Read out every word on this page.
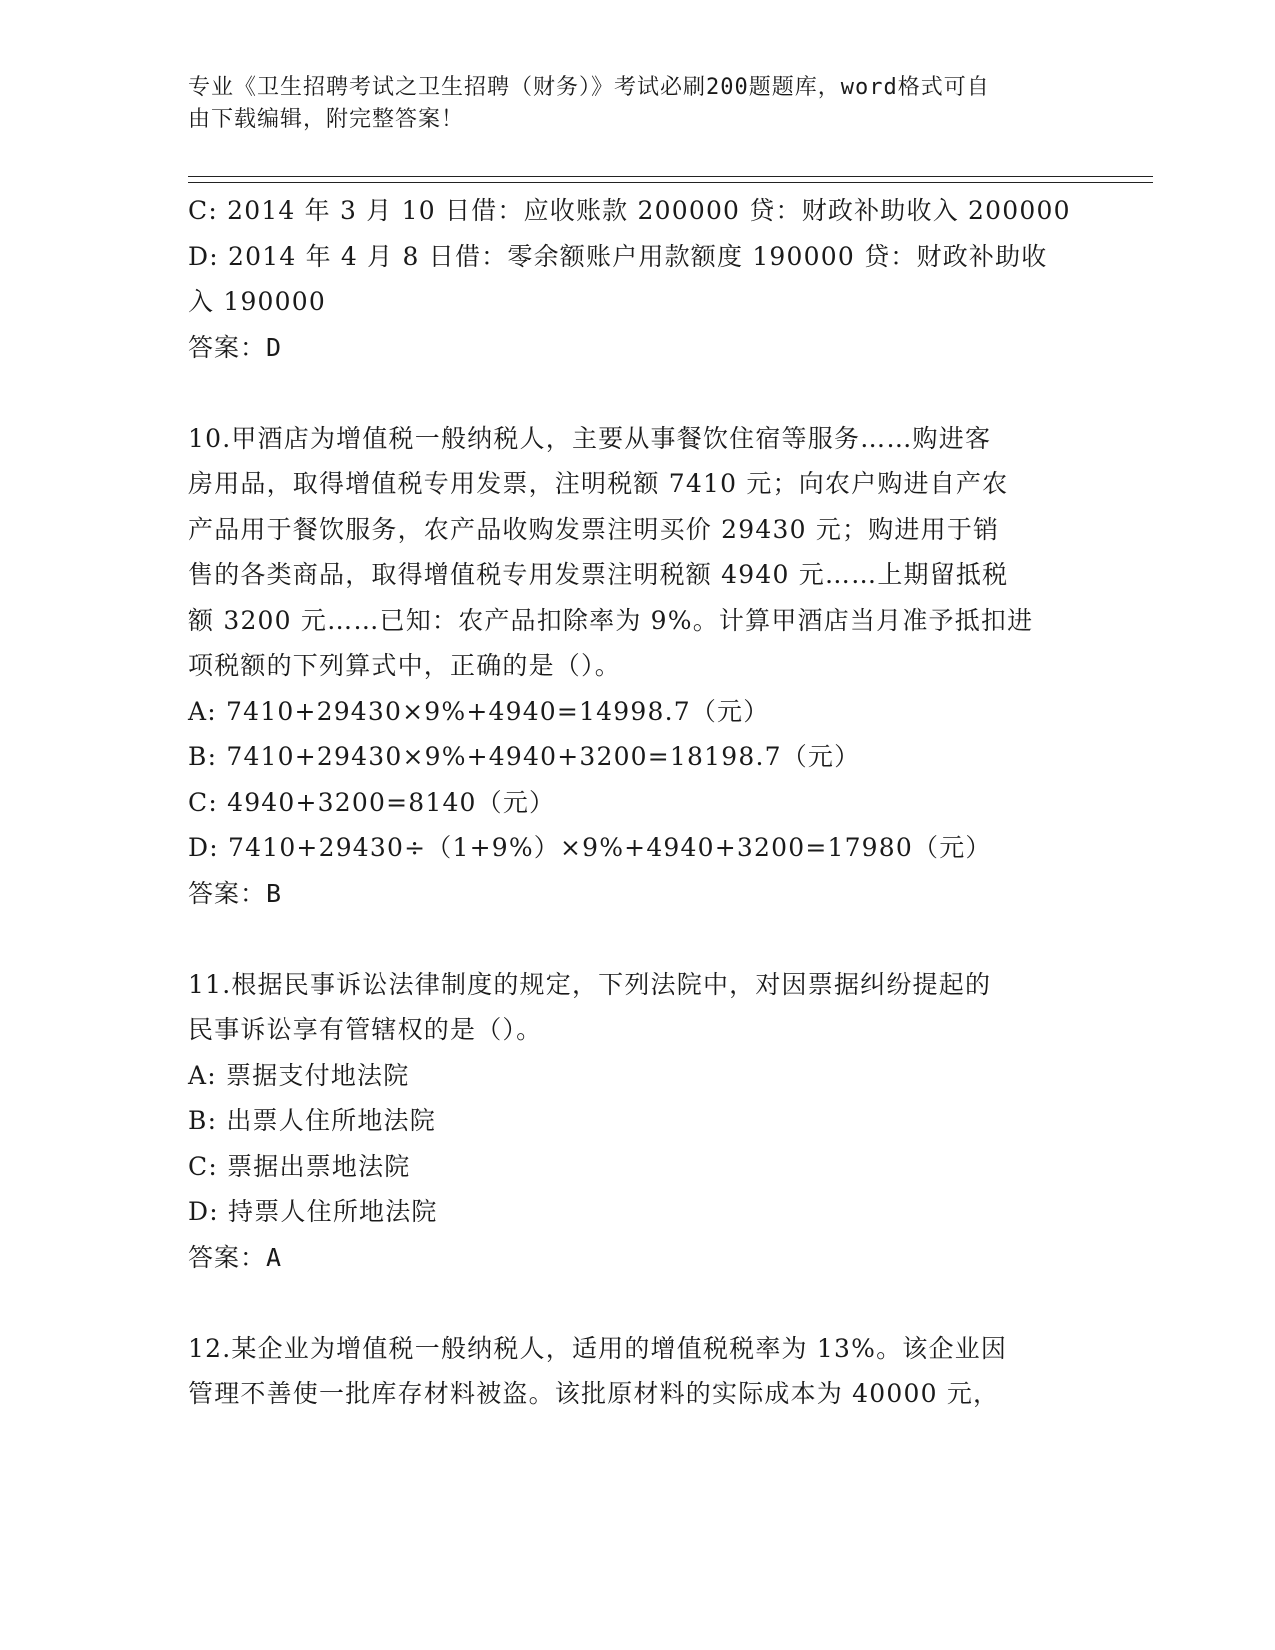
专业《卫生招聘考试之卫生招聘（财务）》考试必刷200题题库，word格式可自
由下载编辑，附完整答案！
C: 2014 年 3 月 10 日借：应收账款 200000 贷：财政补助收入 200000
D: 2014 年 4 月 8 日借：零余额账户用款额度 190000 贷：财政补助收
入 190000
答案：D
10.甲酒店为增值税一般纳税人，主要从事餐饮住宿等服务……购进客
房用品，取得增值税专用发票，注明税额 7410 元；向农户购进自产农
产品用于餐饮服务，农产品收购发票注明买价 29430 元；购进用于销
售的各类商品，取得增值税专用发票注明税额 4940 元……上期留抵税
额 3200 元……已知：农产品扣除率为 9%。计算甲酒店当月准予抵扣进
项税额的下列算式中，正确的是（）。
A: 7410+29430×9%+4940=14998.7（元）
B: 7410+29430×9%+4940+3200=18198.7（元）
C: 4940+3200=8140（元）
D: 7410+29430÷（1+9%）×9%+4940+3200=17980（元）
答案：B
11.根据民事诉讼法律制度的规定，下列法院中，对因票据纠纷提起的
民事诉讼享有管辖权的是（）。
A: 票据支付地法院
B: 出票人住所地法院
C: 票据出票地法院
D: 持票人住所地法院
答案：A
12.某企业为增值税一般纳税人，适用的增值税税率为 13%。该企业因
管理不善使一批库存材料被盗。该批原材料的实际成本为 40000 元，
